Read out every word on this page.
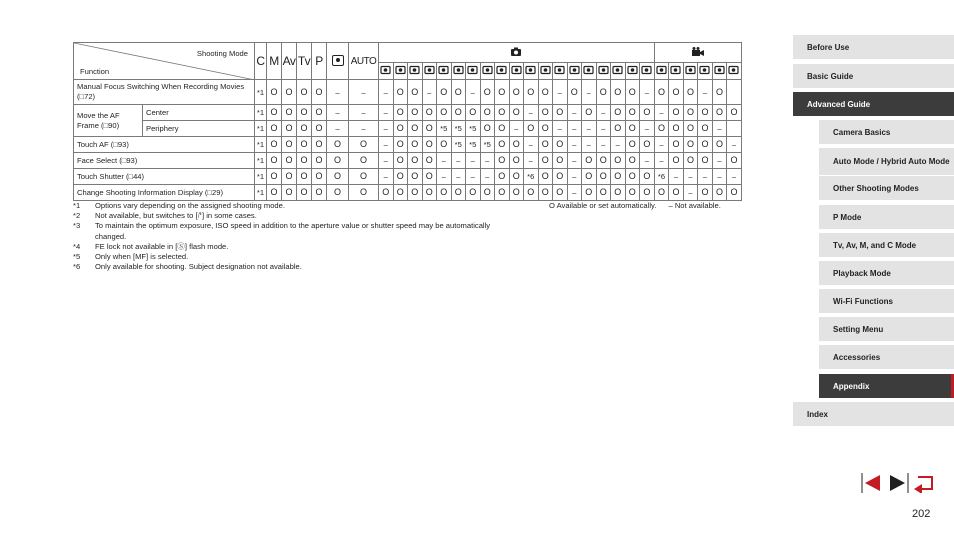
Shooting Mode
Function		C	M	Av	Tv	P		AUTO		

Manual Focus Switching When Recording Movies (□72)		*1	O	O	O	O	–	–	–	O	O	–	O	O	–	O	O	O	O	O	–	O	–	O	O	O	–	O	O	O	–	O	
Move the AF Frame (□90)	Center	*1	O	O	O	O	–	–	–	O	O	O	O	O	O	O	O	O	–	O	O	–	O	–	O	O	O	–	O	O	O	O	O
	Periphery	*1	O	O	O	O	–	–	–	O	O	O	*5	*5	*5	O	O	–	O	O	–	–	–	–	O	O	–	O	O	O	O	–	
Touch AF (□93)		*1	O	O	O	O	O	O	–	O	O	O	O	*5	*5	*5	O	O	–	O	O	–	–	–	–	O	O	–	O	O	O	O	–
Face Select (□93)		*1	O	O	O	O	O	O	–	O	O	O	–	–	–	–	O	O	–	O	O	–	O	O	O	O	–	–	O	O	O	–	O
Touch Shutter (□44)		*1	O	O	O	O	O	O	–	O	O	O	–	–	–	–	O	O	*6	O	O	–	O	O	O	O	O	*6	–	–	–	–	–
Change Shooting Information Display (□29)		*1	O	O	O	O	O	O	O	O	O	O	O	O	O	O	O	O	O	O	O	–	O	O	O	O	O	O	O	–	O	O	O
*1	Options vary depending on the assigned shooting mode.
*2	Not available, but switches to [⭚] in some cases.
*3	To maintain the optimum exposure, ISO speed in addition to the aperture value or shutter speed may be automatically changed.
*4	FE lock not available in [Ⓢ] flash mode.
*5	Only when [MF] is selected.
*6	Only available for shooting. Subject designation not available.
O Available or set automatically. – Not available.
Before Use
Basic Guide
Advanced Guide
Camera Basics
Auto Mode / Hybrid Auto Mode
Other Shooting Modes
P Mode
Tv, Av, M, and C Mode
Playback Mode
Wi-Fi Functions
Setting Menu
Accessories
Appendix
Index
202
